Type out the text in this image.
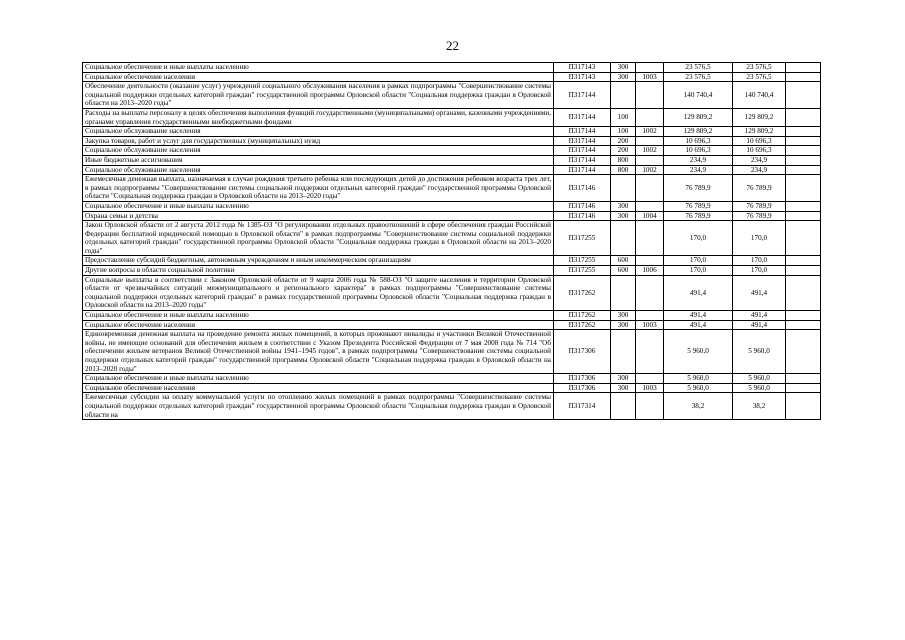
22
Социальное обеспечение и иные выплаты населению	П317143	300		23 576,5	23 576,5	
Социальное обеспечение населения	П317143	300	1003	23 576,5	23 576,5	
Обеспечение деятельности (оказание услуг) учреждений социального обслуживания населения в рамках подпрограммы "Совершенствование системы социальной поддержки отдельных категорий граждан" государственной программы Орловской области "Социальная поддержка граждан в Орловской области на 2013–2020 годы"	П317144			140 740,4	140 740,4	
Расходы на выплаты персоналу в целях обеспечения выполнения функций государственными (муниципальными) органами, казенными учреждениями, органами управления государственными внебюджетными фондами	П317144	100		129 809,2	129 809,2	
Социальное обслуживание населения	П317144	100	1002	129 809,2	129 809,2	
Закупка товаров, работ и услуг для государственных (муниципальных) нужд	П317144	200		10 696,3	10 696,3	
Социальное обслуживание населения	П317144	200	1002	10 696,3	10 696,3	
Иные бюджетные ассигнования	П317144	800		234,9	234,9	
Социальное обслуживание населения	П317144	800	1002	234,9	234,9	
Ежемесячная денежная выплата, назначаемая в случае рождения третьего ребенка или последующих детей до достижения ребенком возраста трех лет, в рамках подпрограммы "Совершенствование системы социальной поддержки отдельных категорий граждан" государственной программы Орловской области "Социальная поддержка граждан в Орловской области на 2013–2020 годы"	П317146			76 789,9	76 789,9	
Социальное обеспечение и иные выплаты населению	П317146	300		76 789,9	76 789,9	
Охрана семьи и детства	П317146	300	1004	76 789,9	76 789,9	
Закон Орловской области от 2 августа 2012 года № 1385-ОЗ "О регулировании отдельных правоотношений в сфере обеспечения граждан Российской Федерации бесплатной юридической помощью в Орловской области" в рамках подпрограммы "Совершенствование системы социальной поддержки отдельных категорий граждан" государственной программы Орловской области "Социальная поддержка граждан в Орловской области на 2013–2020 годы"	П317255			170,0	170,0	
Предоставление субсидий бюджетным, автономным учреждениям и иным некоммерческим организациям	П317255	600		170,0	170,0	
Другие вопросы в области социальной политики	П317255	600	1006	170,0	170,0	
Социальные выплаты в соответствии с Законом Орловской области от 9 марта 2006 года № 588-ОЗ "О защите населения и территории Орловской области от чрезвычайных ситуаций межмуниципального и регионального характера" в рамках подпрограммы "Совершенствование системы социальной поддержки отдельных категорий граждан" в рамках государственной программы Орловской области "Социальная поддержка граждан в Орловской области на 2013–2020 годы"	П317262			491,4	491,4	
Социальное обеспечение и иные выплаты населению	П317262	300		491,4	491,4	
Социальное обеспечение населения	П317262	300	1003	491,4	491,4	
Единовременная денежная выплата на проведение ремонта жилых помещений, в которых проживают инвалиды и участники Великой Отечественной войны, не имеющие оснований для обеспечения жильем в соответствии с Указом Президента Российской Федерации от 7 мая 2008 года № 714 "Об обеспечении жильем ветеранов Великой Отечественной войны 1941–1945 годов", в рамках подпрограммы "Совершенствование системы социальной поддержки отдельных категорий граждан" государственной программы Орловской области "Социальная поддержка граждан в Орловской области на 2013–2020 годы"	П317306			5 960,0	5 960,0	
Социальное обеспечение и иные выплаты населению	П317306	300		5 960,0	5 960,0	
Социальное обеспечение населения	П317306	300	1003	5 960,0	5 960,0	
Ежемесячные субсидии на оплату коммунальной услуги по отоплению жилых помещений в рамках подпрограммы "Совершенствование системы социальной поддержки отдельных категорий граждан" государственной программы Орловской области "Социальная поддержка граждан в Орловской области на	П317314			38,2	38,2	
